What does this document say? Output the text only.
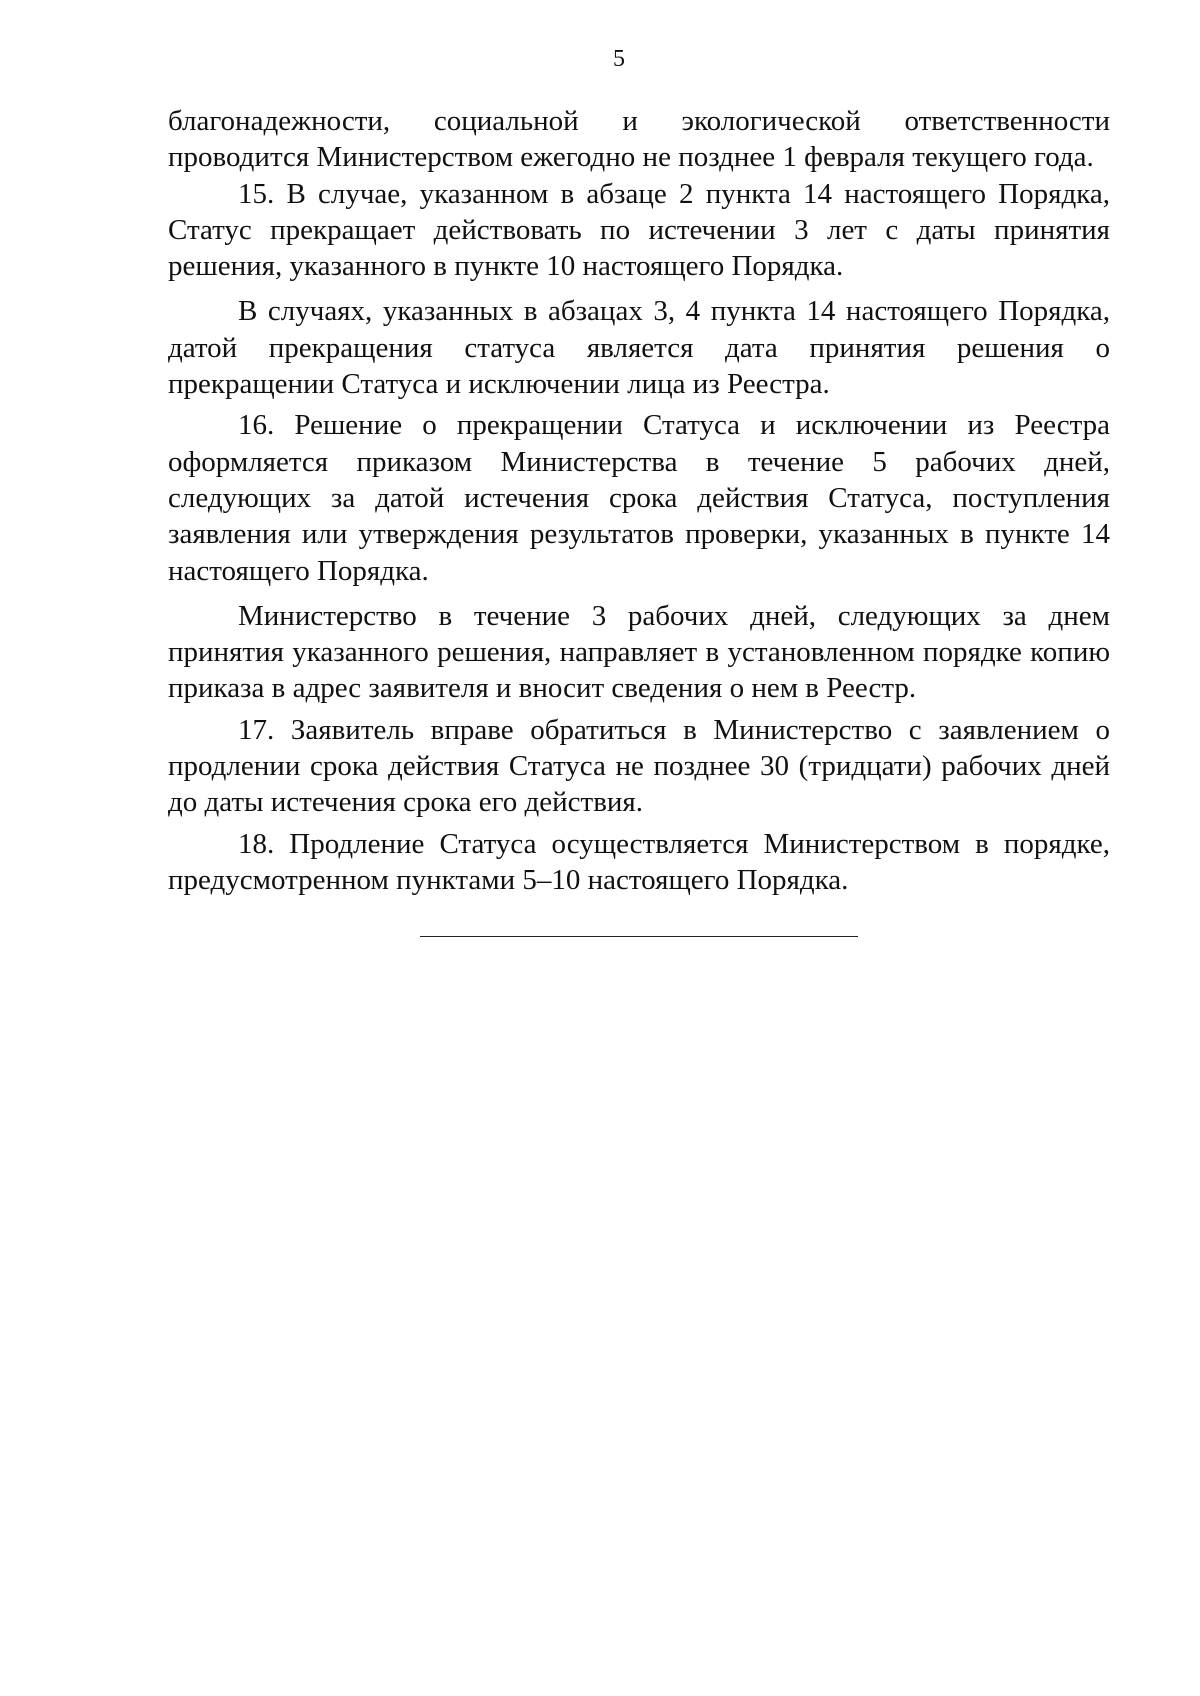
5

благонадежности, социальной и экологической ответственности проводится Министерством ежегодно не позднее 1 февраля текущего года.

15. В случае, указанном в абзаце 2 пункта 14 настоящего Порядка, Статус прекращает действовать по истечении 3 лет с даты принятия решения, указанного в пункте 10 настоящего Порядка.

В случаях, указанных в абзацах 3, 4 пункта 14 настоящего Порядка, датой прекращения статуса является дата принятия решения о прекращении Статуса и исключении лица из Реестра.

16. Решение о прекращении Статуса и исключении из Реестра оформляется приказом Министерства в течение 5 рабочих дней, следующих за датой истечения срока действия Статуса, поступления заявления или утверждения результатов проверки, указанных в пункте 14 настоящего Порядка.

Министерство в течение 3 рабочих дней, следующих за днем принятия указанного решения, направляет в установленном порядке копию приказа в адрес заявителя и вносит сведения о нем в Реестр.

17. Заявитель вправе обратиться в Министерство с заявлением о продлении срока действия Статуса не позднее 30 (тридцати) рабочих дней до даты истечения срока его действия.

18. Продление Статуса осуществляется Министерством в порядке, предусмотренном пунктами 5–10 настоящего Порядка.
